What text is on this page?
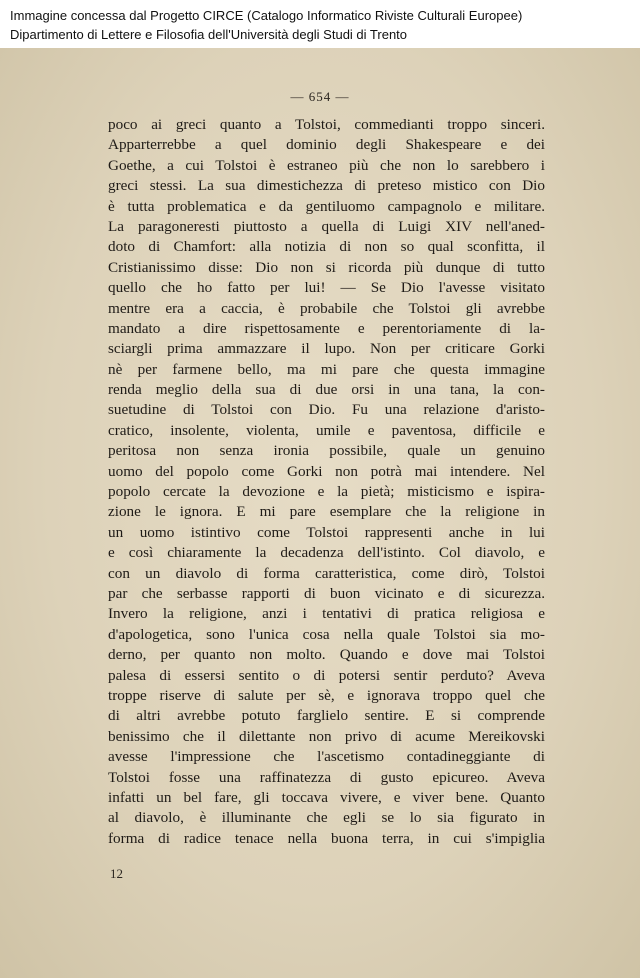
Immagine concessa dal Progetto CIRCE (Catalogo Informatico Riviste Culturali Europee)
Dipartimento di Lettere e Filosofia dell'Università degli Studi di Trento
— 654 —
poco ai greci quanto a Tolstoi, commedianti troppo sinceri.
Apparterrebbe a quel dominio degli Shakespeare e dei
Goethe, a cui Tolstoi è estraneo più che non lo sarebbero i
greci stessi. La sua dimestichezza di preteso mistico con Dio
è tutta problematica e da gentiluomo campagnolo e militare.
La paragoneresti piuttosto a quella di Luigi XIV nell'aned-
doto di Chamfort: alla notizia di non so qual sconfitta, il
Cristianissimo disse: Dio non si ricorda più dunque di tutto
quello che ho fatto per lui! — Se Dio l'avesse visitato
mentre era a caccia, è probabile che Tolstoi gli avrebbe
mandato a dire rispettosamente e perentoriamente di la-
sciargli prima ammazzare il lupo. Non per criticare Gorki
nè per farmene bello, ma mi pare che questa immagine
renda meglio della sua di due orsi in una tana, la con-
suetudine di Tolstoi con Dio. Fu una relazione d'aristo-
cratico, insolente, violenta, umile e paventosa, difficile e
peritosa non senza ironia possibile, quale un genuino
uomo del popolo come Gorki non potrà mai intendere. Nel
popolo cercate la devozione e la pietà; misticismo e ispira-
zione le ignora. E mi pare esemplare che la religione in
un uomo istintivo come Tolstoi rappresenti anche in lui
e così chiaramente la decadenza dell'istinto. Col diavolo, e
con un diavolo di forma caratteristica, come dirò, Tolstoi
par che serbasse rapporti di buon vicinato e di sicurezza.
Invero la religione, anzi i tentativi di pratica religiosa e
d'apologetica, sono l'unica cosa nella quale Tolstoi sia mo-
derno, per quanto non molto. Quando e dove mai Tolstoi
palesa di essersi sentito o di potersi sentir perduto? Aveva
troppe riserve di salute per sè, e ignorava troppo quel che
di altri avrebbe potuto farglielo sentire. E si comprende
benissimo che il dilettante non privo di acume Mereikovski
avesse l'impressione che l'ascetismo contadineggiante di
Tolstoi fosse una raffinatezza di gusto epicureo. Aveva
infatti un bel fare, gli toccava vivere, e viver bene. Quanto
al diavolo, è illuminante che egli se lo sia figurato in
forma di radice tenace nella buona terra, in cui s'impiglia
12
